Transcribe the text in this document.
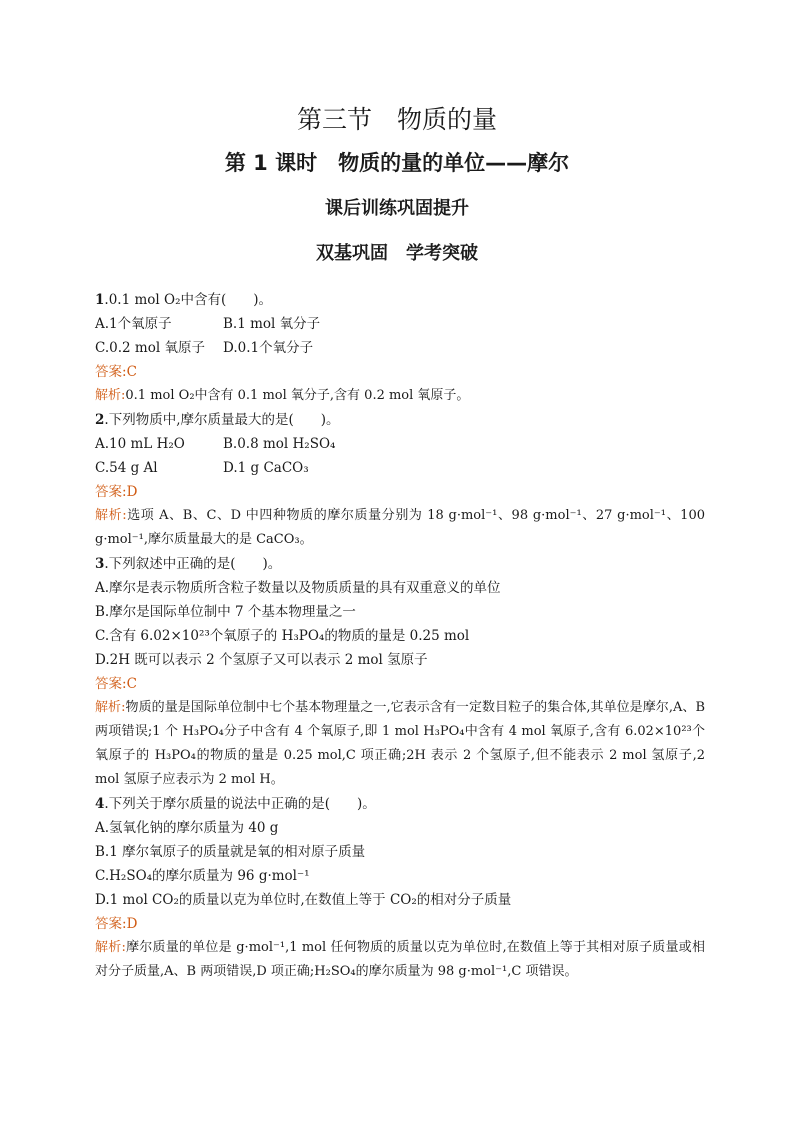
第三节　物质的量
第 1 课时　物质的量的单位——摩尔
课后训练巩固提升
双基巩固　学考突破
1.0.1 mol O₂中含有(　　)。
A.1个氧原子	B.1 mol 氧分子
C.0.2 mol 氧原子 D.0.1个氧分子
答案:C
解析:0.1 mol O₂中含有 0.1 mol 氧分子,含有 0.2 mol 氧原子。
2.下列物质中,摩尔质量最大的是(　　)。
A.10 mL H₂O	B.0.8 mol H₂SO₄
C.54 g Al	D.1 g CaCO₃
答案:D
解析:选项 A、B、C、D 中四种物质的摩尔质量分别为 18 g·mol⁻¹、98 g·mol⁻¹、27 g·mol⁻¹、100 g·mol⁻¹,摩尔质量最大的是 CaCO₃。
3.下列叙述中正确的是(　　)。
A.摩尔是表示物质所含粒子数量以及物质质量的具有双重意义的单位
B.摩尔是国际单位制中 7 个基本物理量之一
C.含有 6.02×10²³个氧原子的 H₃PO₄的物质的量是 0.25 mol
D.2H 既可以表示 2 个氢原子又可以表示 2 mol 氢原子
答案:C
解析:物质的量是国际单位制中七个基本物理量之一,它表示含有一定数目粒子的集合体,其单位是摩尔,A、B 两项错误;1 个 H₃PO₄分子中含有 4 个氧原子,即 1 mol H₃PO₄中含有 4 mol 氧原子,含有 6.02×10²³个氧原子的 H₃PO₄的物质的量是 0.25 mol,C 项正确;2H 表示 2 个氢原子,但不能表示 2 mol 氢原子,2 mol 氢原子应表示为 2 mol H。
4.下列关于摩尔质量的说法中正确的是(　　)。
A.氢氧化钠的摩尔质量为 40 g
B.1 摩尔氧原子的质量就是氧的相对原子质量
C.H₂SO₄的摩尔质量为 96 g·mol⁻¹
D.1 mol CO₂的质量以克为单位时,在数值上等于 CO₂的相对分子质量
答案:D
解析:摩尔质量的单位是 g·mol⁻¹,1 mol 任何物质的质量以克为单位时,在数值上等于其相对原子质量或相对分子质量,A、B 两项错误,D 项正确;H₂SO₄的摩尔质量为 98 g·mol⁻¹,C 项错误。
